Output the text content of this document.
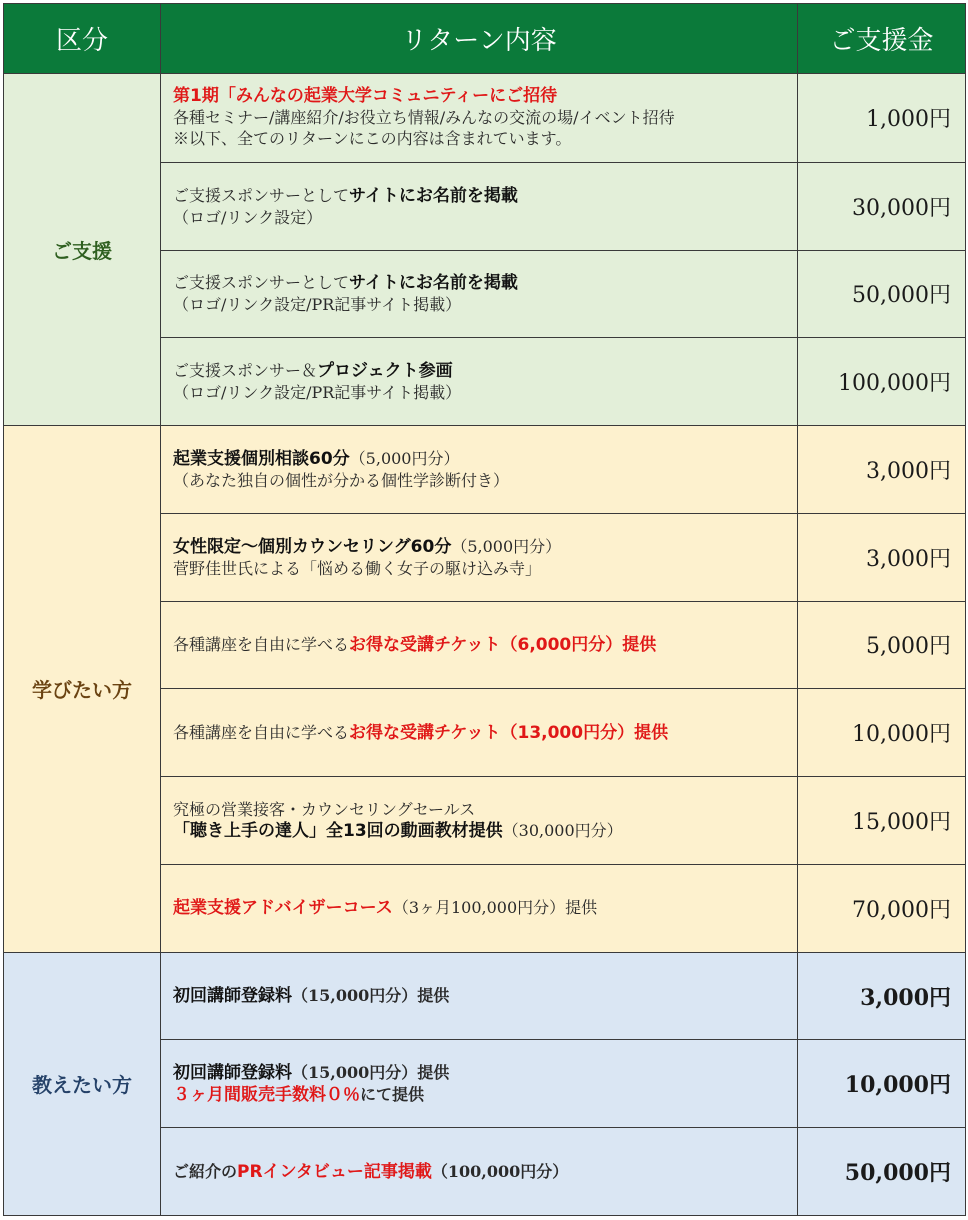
区分	リターン内容	ご支援金
ご支援	第1期「みんなの起業大学コミュニティーにご招待
各種セミナー/講座紹介/お役立ち情報/みんなの交流の場/イベント招待
※以下、全てのリターンにこの内容は含まれています。	1,000円

	ご支援スポンサーとしてサイトにお名前を掲載
（ロゴ/リンク設定）	30,000円

	ご支援スポンサーとしてサイトにお名前を掲載
（ロゴ/リンク設定/PR記事サイト掲載）	50,000円

	ご支援スポンサー＆プロジェクト参画
（ロゴ/リンク設定/PR記事サイト掲載）	100,000円
学びたい方	起業支援個別相談60分（5,000円分）
（あなた独自の個性が分かる個性学診断付き）	3,000円

	女性限定～個別カウンセリング60分（5,000円分）
菅野佳世氏による「悩める働く女子の駆け込み寺」	3,000円

	各種講座を自由に学べるお得な受講チケット（6,000円分）提供	5,000円

	各種講座を自由に学べるお得な受講チケット（13,000円分）提供	10,000円

	究極の営業接客・カウンセリングセールス
「聴き上手の達人」全13回の動画教材提供（30,000円分）	15,000円

	起業支援アドバイザーコース（3ヶ月100,000円分）提供	70,000円
教えたい方	初回講師登録料（15,000円分）提供	3,000円

	初回講師登録料（15,000円分）提供
３ヶ月間販売手数料０％にて提供	10,000円

	ご紹介のPRインタビュー記事掲載（100,000円分）	50,000円
